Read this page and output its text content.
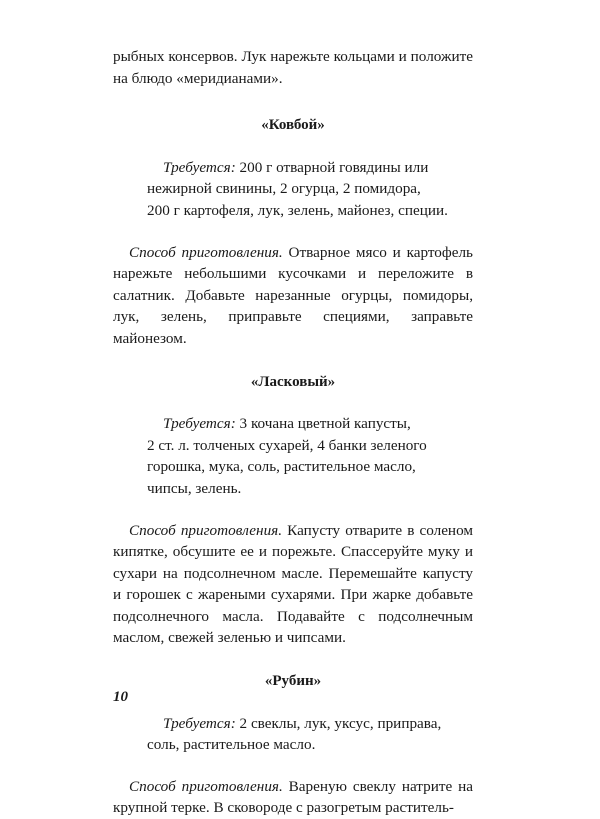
рыбных консервов. Лук нарежьте кольцами и положите на блюдо «меридианами».

«Ковбой»

Требуется: 200 г отварной говядины или
нежирной свинины, 2 огурца, 2 помидора,
200 г картофеля, лук, зелень, майонез, специи.

Способ приготовления. Отварное мясо и картофель нарежьте небольшими кусочками и переложите в салатник. Добавьте нарезанные огурцы, помидоры, лук, зелень, приправьте специями, заправьте майонезом.

«Ласковый»

Требуется: 3 кочана цветной капусты,
2 ст. л. толченых сухарей, 4 банки зеленого
горошка, мука, соль, растительное масло,
чипсы, зелень.

Способ приготовления. Капусту отварите в соленом кипятке, обсушите ее и порежьте. Спассеруйте муку и сухари на подсолнечном масле. Перемешайте капусту и горошек с жареными сухарями. При жарке добавьте подсолнечного масла. Подавайте с подсолнечным маслом, свежей зеленью и чипсами.

«Рубин»

Требуется: 2 свеклы, лук, уксус, приправа,
соль, растительное масло.

Способ приготовления. Вареную свеклу натрите на крупной терке. В сковороде с разогретым раститель-

10
